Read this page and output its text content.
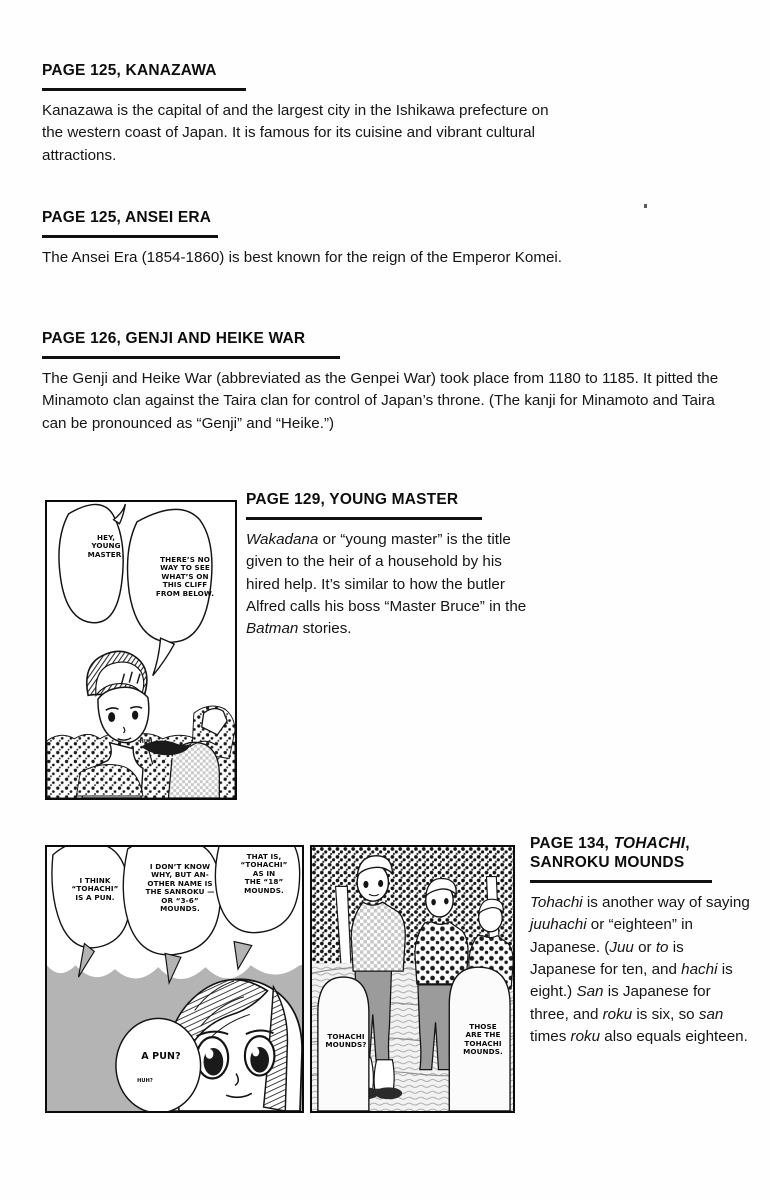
PAGE 125, KANAZAWA
Kanazawa is the capital of and the largest city in the Ishikawa prefecture on the western coast of Japan. It is famous for its cuisine and vibrant cultural attractions.
PAGE 125, ANSEI ERA
The Ansei Era (1854-1860) is best known for the reign of the Emperor Komei.
PAGE 126, GENJI AND HEIKE WAR
The Genji and Heike War (abbreviated as the Genpei War) took place from 1180 to 1185. It pitted the Minamoto clan against the Taira clan for control of Japan’s throne. (The kanji for Minamoto and Taira can be pronounced as “Genji” and “Heike.”)
PAGE 129, YOUNG MASTER
Wakadana or “young master” is the title given to the heir of a household by his hired help. It’s similar to how the butler Alfred calls his boss “Master Bruce” in the Batman stories.
PAGE 134, TOHACHI,
SANROKU MOUNDS
Tohachi is another way of saying juuhachi or “eighteen” in Japanese. (Juu or to is Japanese for ten, and hachi is eight.) San is Japanese for three, and roku is six, so san times roku also equals eighteen.
HEY,
YOUNG
MASTER.
THERE’S NO
WAY TO SEE
WHAT’S ON
THIS CLIFF
FROM BELOW.
HUH...
I THINK
“TOHACHI”
IS A PUN.
I DON’T KNOW
WHY, BUT AN-
OTHER NAME IS
THE SANROKU —
OR “3-6”
MOUNDS.
THAT IS,
“TOHACHI”
AS IN
THE “18”
MOUNDS.
A PUN?
HUH?
TOHACHI
MOUNDS?
THOSE
ARE THE
TOHACHI
MOUNDS.
